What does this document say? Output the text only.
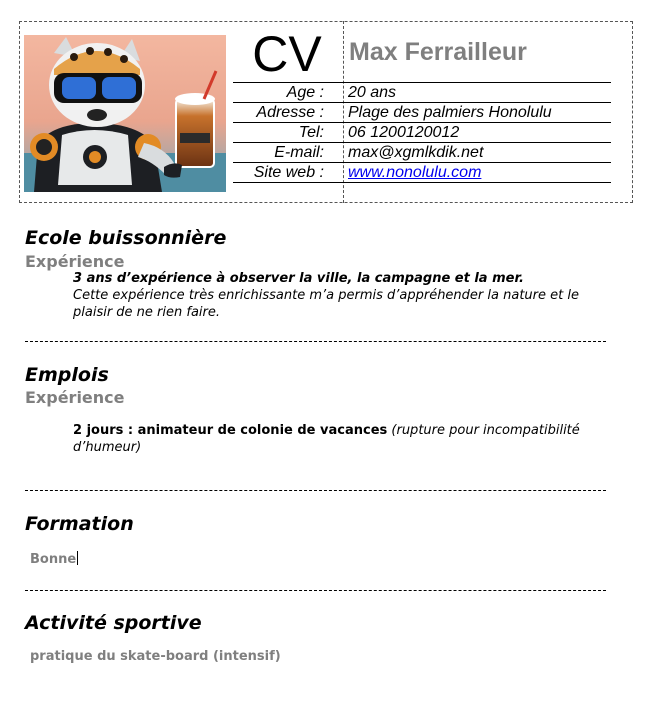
CV	Max Ferrailleur
Age : 20 ans
Adresse : Plage des palmiers Honolulu
Tel: 06 1200120012
E-mail: max@xgmlkdik.net
Site web : www.nonolulu.com
Ecole buissonnière
Expérience
3 ans d’expérience à observer la ville, la campagne et la mer.
Cette expérience très enrichissante m’a permis d’appréhender la nature et le plaisir de ne rien faire.
Emplois
Expérience
2 jours : animateur de colonie de vacances (rupture pour incompatibilité d’humeur)
Formation
Bonne
Activité sportive
pratique du skate-board (intensif)
